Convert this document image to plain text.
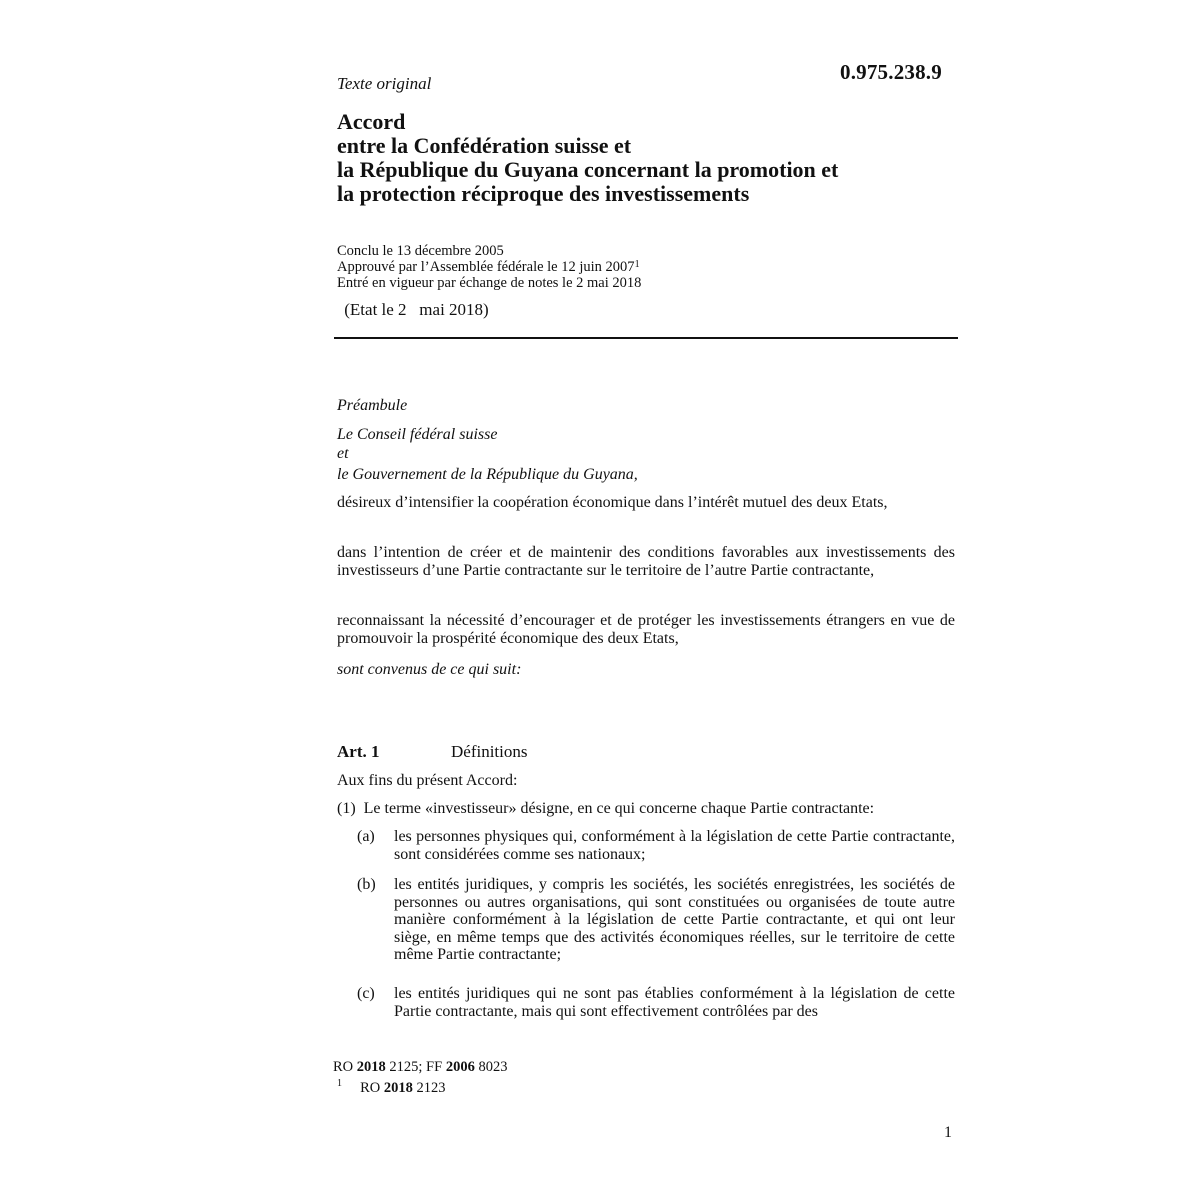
0.975.238.9
Texte original
Accord
entre la Confédération suisse et
la République du Guyana concernant la promotion et
la protection réciproque des investissements
Conclu le 13 décembre 2005
Approuvé par l’Assemblée fédérale le 12 juin 2007$^1$
Entré en vigueur par échange de notes le 2 mai 2018
(Etat le 2   mai 2018)
Préambule
Le Conseil fédéral suisse
et
le Gouvernement de la République du Guyana,
désireux d’intensifier la coopération économique dans l’intérêt mutuel des deux Etats,
dans l’intention de créer et de maintenir des conditions favorables aux investissements des investisseurs d’une Partie contractante sur le territoire de l’autre Partie contractante,
reconnaissant la nécessité d’encourager et de protéger les investissements étrangers en vue de promouvoir la prospérité économique des deux Etats,
sont convenus de ce qui suit:
Art. 1	Définitions
Aux fins du présent Accord:
(1)  Le terme «investisseur» désigne, en ce qui concerne chaque Partie contractante:
(a) les personnes physiques qui, conformément à la législation de cette Partie contractante, sont considérées comme ses nationaux;
(b) les entités juridiques, y compris les sociétés, les sociétés enregistrées, les sociétés de personnes ou autres organisations, qui sont constituées ou organisées de toute autre manière conformément à la législation de cette Partie contractante, et qui ont leur siège, en même temps que des activités économiques réelles, sur le territoire de cette même Partie contractante;
(c) les entités juridiques qui ne sont pas établies conformément à la législation de cette Partie contractante, mais qui sont effectivement contrôlées par des
RO 2018 2125; FF 2006 8023
$^1$ RO 2018 2123
1
